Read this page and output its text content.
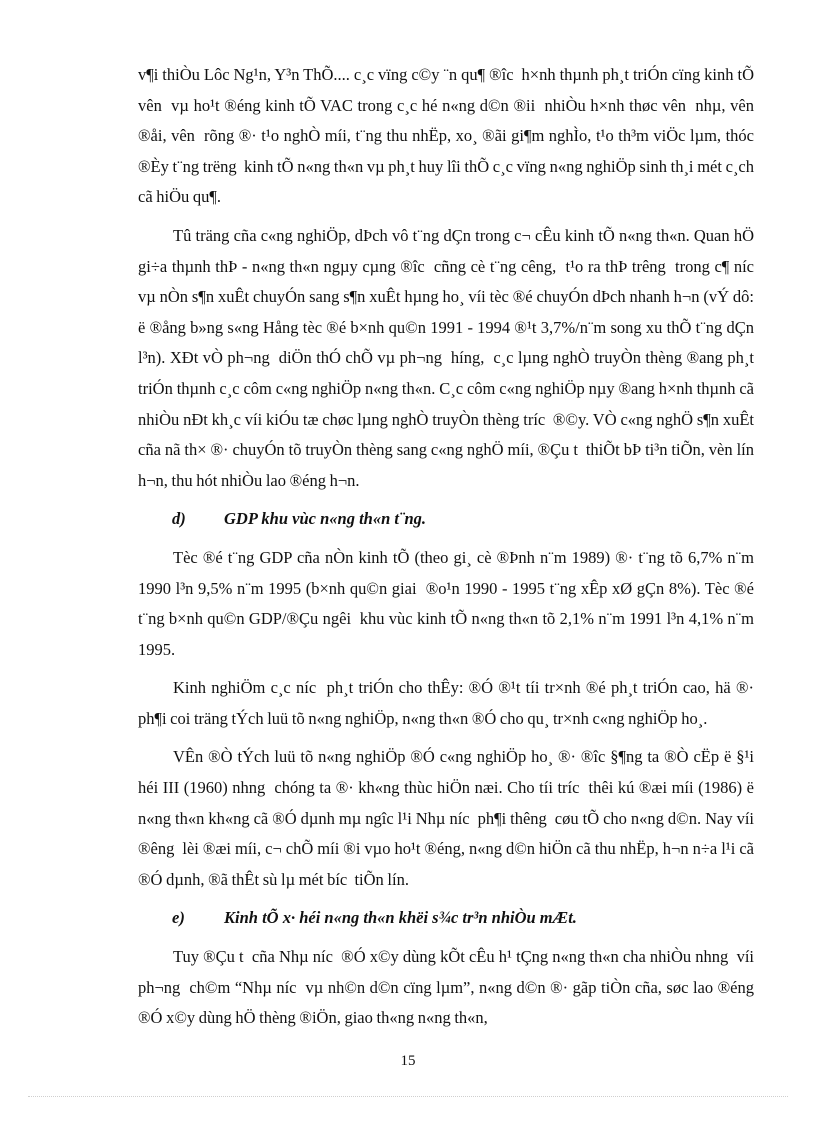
v¶i thiÒu Lôc Ng¹n, Y³n ThÕ.... c¸c vïng c©y ¨n qu¶ ®îc  h×nh thµnh ph¸t triÓn cïng kinh tÕ vên  vµ ho¹t ®éng kinh tÕ VAC trong c¸c hé n«ng d©n ®ii  nhiÒu h×nh thøc vên  nhµ, vên  ®åi, vên  rõng ®· t¹o nghÒ míi, t¨ng thu nhËp, xo¸ ®ãi gi¶m nghÌo, t¹o th³m viÖc lµm, thóc ®Èy t¨ng trëng  kinh tÕ n«ng th«n vµ ph¸t huy lîi thÕ c¸c vïng n«ng nghiÖp sinh th¸i mét c¸ch cã hiÖu qu¶.

Tû träng cña c«ng nghiÖp, dÞch vô t¨ng dÇn trong c¬ cÊu kinh tÕ n«ng th«n. Quan hÖ gi÷a thµnh thÞ - n«ng th«n ngµy cµng ®îc  cñng cè t¨ng cêng,  t¹o ra thÞ trêng  trong c¶ níc  vµ nÒn s¶n xuÊt chuyÓn sang s¶n xuÊt hµng ho¸ víi tèc ®é chuyÓn dÞch nhanh h¬n (vÝ dô: ë ®ång b»ng s«ng Hång tèc ®é b×nh qu©n 1991 - 1994 ®¹t 3,7%/n¨m song xu thÕ t¨ng dÇn l³n). XÐt vÒ ph¬ng  diÖn thÓ chÕ vµ ph¬ng  híng,  c¸c lµng nghÒ truyÒn thèng ®ang ph¸t triÓn thµnh c¸c côm c«ng nghiÖp n«ng th«n. C¸c côm c«ng nghiÖp nµy ®ang h×nh thµnh cã nhiÒu nÐt kh¸c víi kiÓu tæ chøc lµng nghÒ truyÒn thèng tríc  ®©y. VÒ c«ng nghÖ s¶n xuÊt cña nã th× ®· chuyÓn tõ truyÒn thèng sang c«ng nghÖ míi, ®Çu t  thiÕt bÞ ti³n tiÕn, vèn lín h¬n, thu hót nhiÒu lao ®éng h¬n.

d)	GDP khu vùc n«ng th«n t¨ng.

Tèc ®é t¨ng GDP cña nÒn kinh tÕ (theo gi¸ cè ®Þnh n¨m 1989) ®· t¨ng tõ 6,7% n¨m 1990 l³n 9,5% n¨m 1995 (b×nh qu©n giai  ®o¹n 1990 - 1995 t¨ng xÊp xØ gÇn 8%). Tèc ®é t¨ng b×nh qu©n GDP/®Çu ngêi  khu vùc kinh tÕ n«ng th«n tõ 2,1% n¨m 1991 l³n 4,1% n¨m 1995.

Kinh nghiÖm c¸c níc  ph¸t triÓn cho thÊy: ®Ó ®¹t tíi tr×nh ®é ph¸t triÓn cao, hä ®· ph¶i coi träng tÝch luü tõ n«ng nghiÖp, n«ng th«n ®Ó cho qu¸ tr×nh c«ng nghiÖp ho¸.

VÊn ®Ò tÝch luü tõ n«ng nghiÖp ®Ó c«ng nghiÖp ho¸ ®· ®îc §¶ng ta ®Ò cËp ë §¹i héi III (1960) nhng  chóng ta ®· kh«ng thùc hiÖn næi. Cho tíi tríc  thêi kú ®æi míi (1986) ë n«ng th«n kh«ng cã ®Ó dµnh mµ ngîc l¹i Nhµ níc  ph¶i thêng  cøu tÕ cho n«ng d©n. Nay víi ®êng  lèi ®æi míi, c¬ chÕ míi ®i vµo ho¹t ®éng, n«ng d©n hiÖn cã thu nhËp, h¬n n÷a l¹i cã ®Ó dµnh, ®ã thÊt sù lµ mét bíc  tiÕn lín.

e)	Kinh tÕ x· héi n«ng th«n khëi s¾c tr³n nhiÒu mÆt.

Tuy ®Çu t  cña Nhµ níc  ®Ó x©y dùng kÕt cÊu h¹ tÇng n«ng th«n cha nhiÒu nhng  víi ph¬ng  ch©m “Nhµ níc  vµ nh©n d©n cïng lµm”, n«ng d©n ®· gãp tiÒn cña, søc lao ®éng ®Ó x©y dùng hÖ thèng ®iÖn, giao th«ng n«ng th«n,

15
